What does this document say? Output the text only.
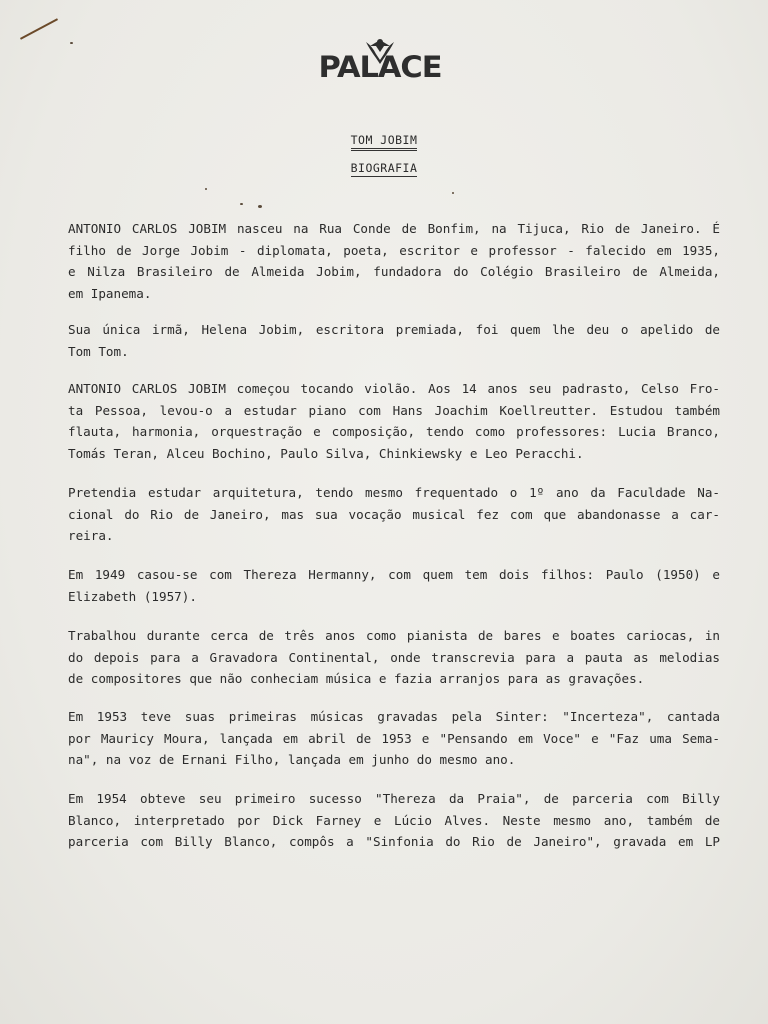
PALACE
TOM JOBIM
BIOGRAFIA
ANTONIO CARLOS JOBIM nasceu na Rua Conde de Bonfim, na Tijuca, Rio de Janeiro. É
filho de Jorge Jobim - diplomata, poeta, escritor e professor - falecido em 1935,
e Nilza Brasileiro de Almeida Jobim, fundadora do Colégio Brasileiro de Almeida,
em Ipanema.
Sua única irmã, Helena Jobim, escritora premiada, foi quem lhe deu o apelido de
Tom Tom.
ANTONIO CARLOS JOBIM começou tocando violão. Aos 14 anos seu padrasto, Celso Fro-
ta Pessoa, levou-o a estudar piano com Hans Joachim Koellreutter. Estudou também
flauta, harmonia, orquestração e composição, tendo como professores: Lucia Branco,
Tomás Teran, Alceu Bochino, Paulo Silva, Chinkiewsky e Leo Peracchi.
Pretendia estudar arquitetura, tendo mesmo frequentado o 1º ano da Faculdade Na-
cional do Rio de Janeiro, mas sua vocação musical fez com que abandonasse a car-
reira.
Em 1949 casou-se com Thereza Hermanny, com quem tem dois filhos: Paulo (1950) e
Elizabeth (1957).
Trabalhou durante cerca de três anos como pianista de bares e boates cariocas, in
do depois para a Gravadora Continental, onde transcrevia para a pauta as melodias
de compositores que não conheciam música e fazia arranjos para as gravações.
Em 1953 teve suas primeiras músicas gravadas pela Sinter: "Incerteza", cantada
por Mauricy Moura, lançada em abril de 1953 e "Pensando em Voce" e "Faz uma Sema-
na", na voz de Ernani Filho, lançada em junho do mesmo ano.
Em 1954 obteve seu primeiro sucesso "Thereza da Praia", de parceria com Billy
Blanco, interpretado por Dick Farney e Lúcio Alves. Neste mesmo ano, também de
parceria com Billy Blanco, compôs a "Sinfonia do Rio de Janeiro", gravada em LP
